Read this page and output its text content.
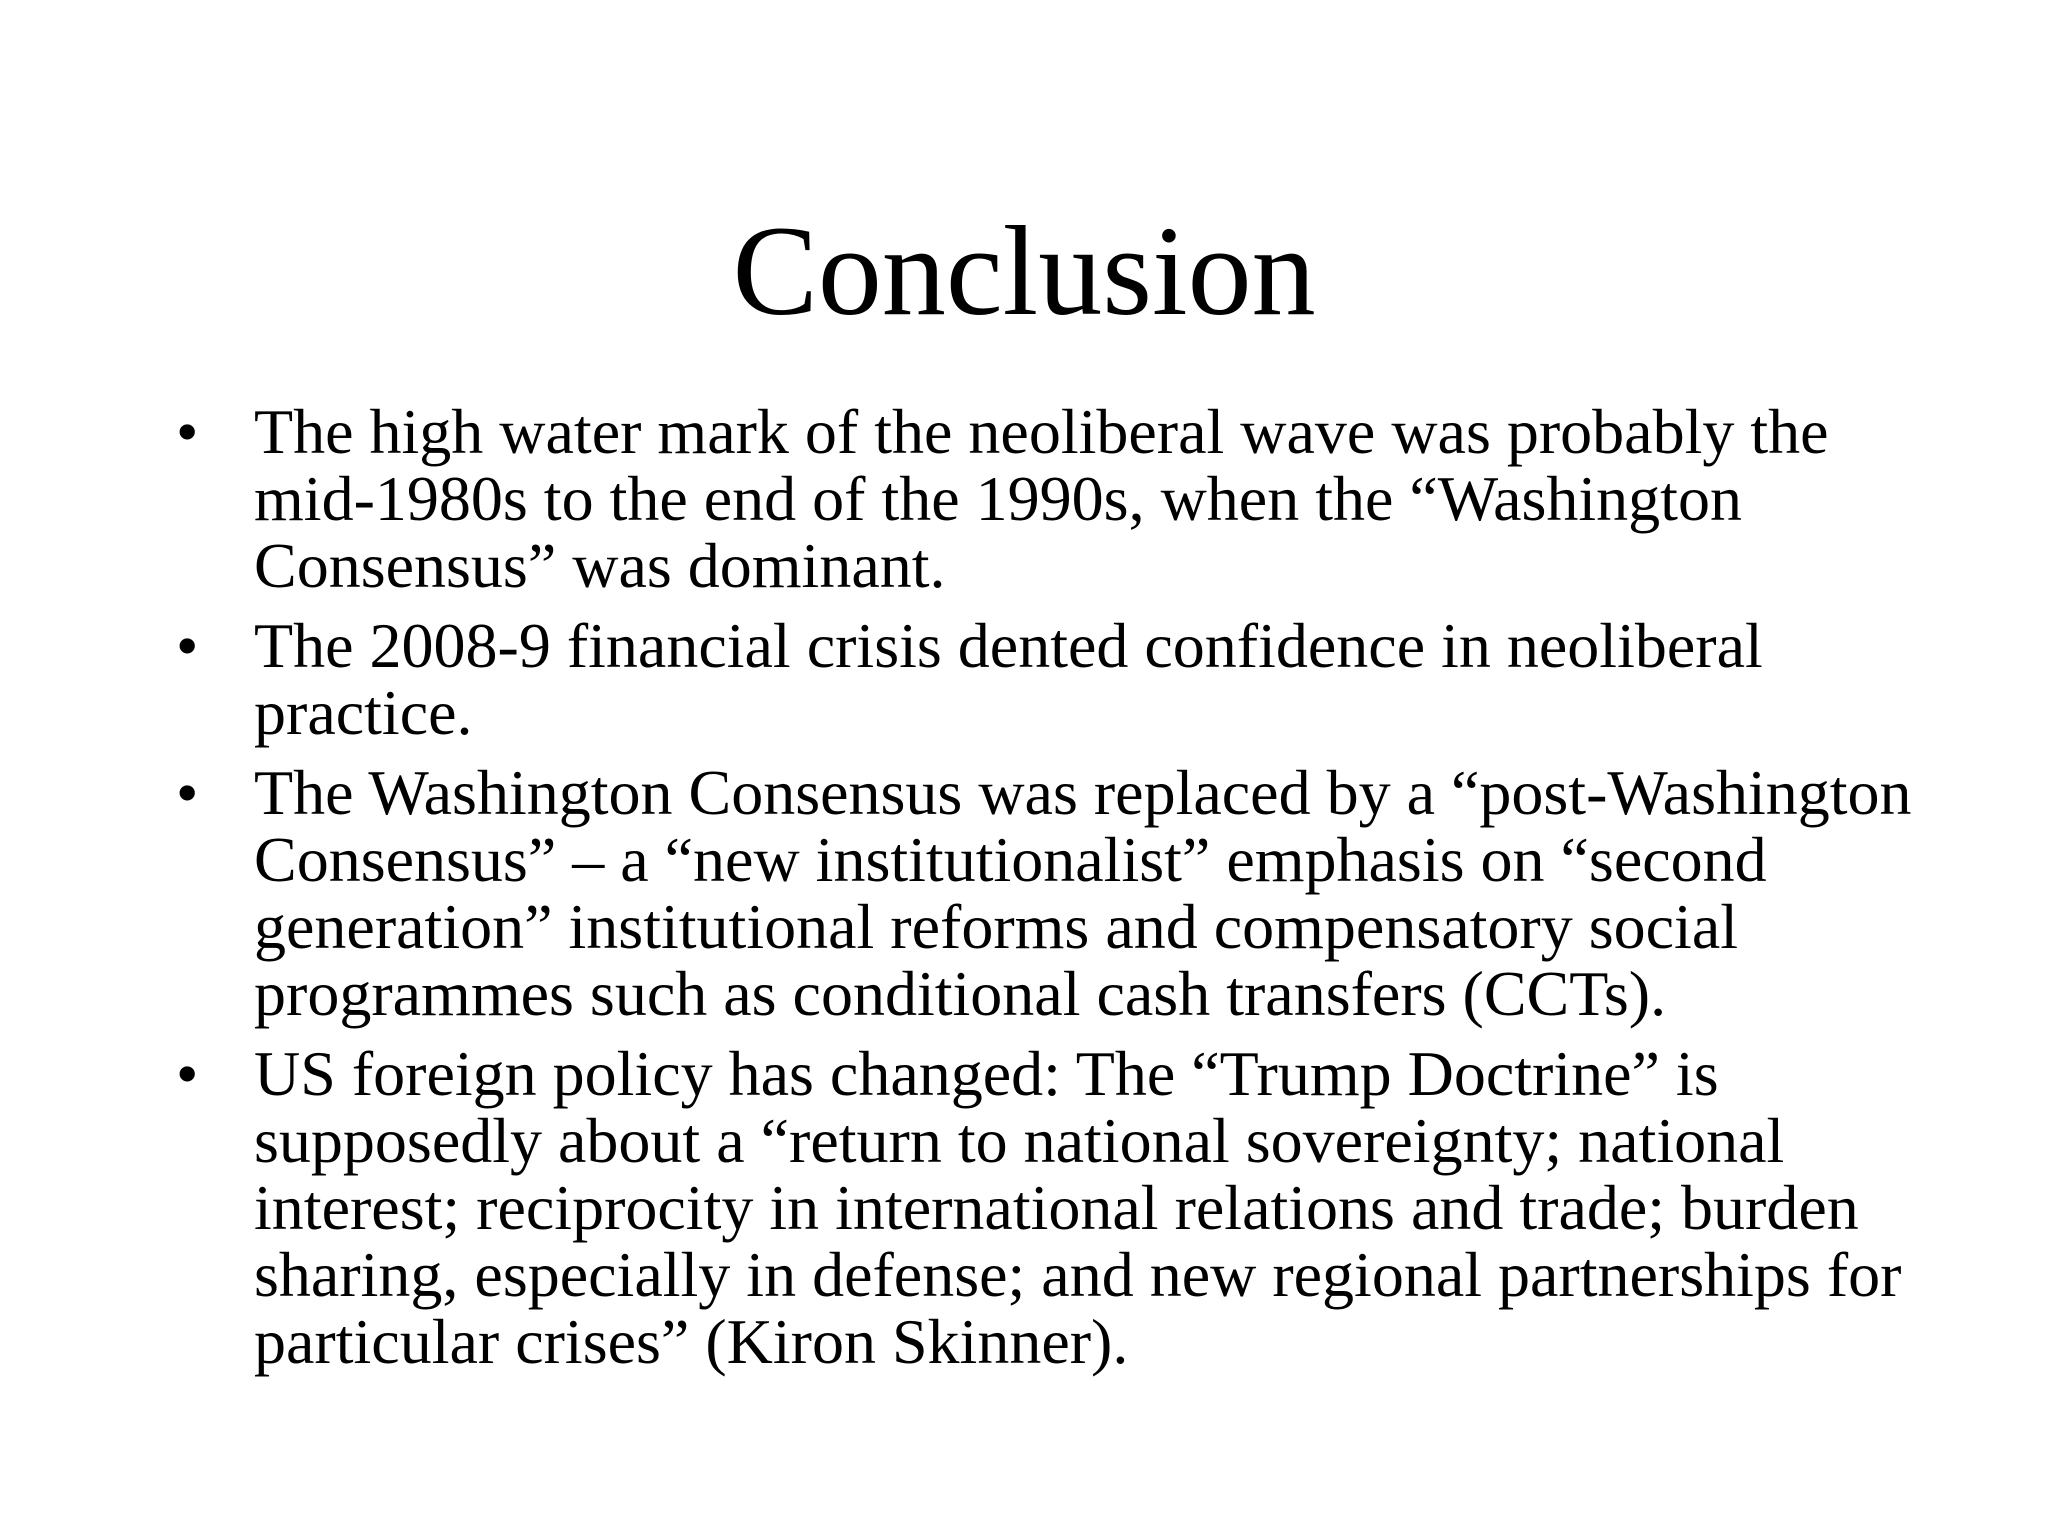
Conclusion
• The high water mark of the neoliberal wave was probably the mid-1980s to the end of the 1990s, when the “Washington Consensus” was dominant.
• The 2008-9 financial crisis dented confidence in neoliberal practice.
• The Washington Consensus was replaced by a “post-Washington Consensus” – a “new institutionalist” emphasis on “second generation” institutional reforms and compensatory social programmes such as conditional cash transfers (CCTs).
• US foreign policy has changed: The “Trump Doctrine” is supposedly about a “return to national sovereignty; national interest; reciprocity in international relations and trade; burden sharing, especially in defense; and new regional partnerships for particular crises” (Kiron Skinner).
